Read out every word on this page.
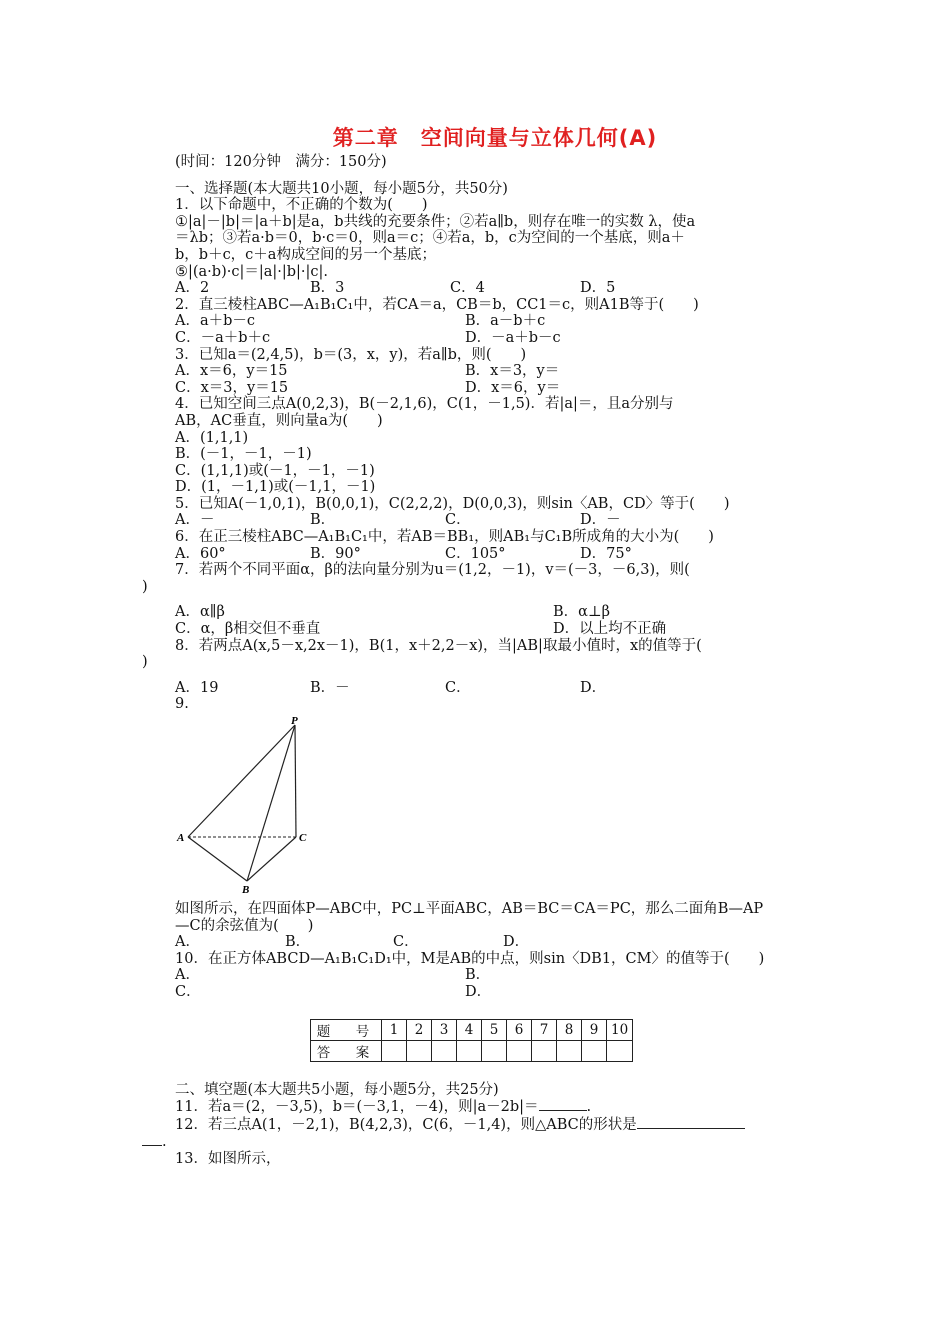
第二章　空间向量与立体几何(A)
(时间：120分钟　满分：150分)
一、选择题(本大题共10小题，每小题5分，共50分)
1．以下命题中，不正确的个数为(　　)
①|a|－|b|＝|a＋b|是a，b共线的充要条件；②若a∥b，则存在唯一的实数 λ，使a
＝λb；③若a·b＝0，b·c＝0，则a＝c；④若a，b，c为空间的一个基底，则a＋
b，b＋c，c＋a构成空间的另一个基底；
⑤|(a·b)·c|＝|a|·|b|·|c|.
A．2	B．3	C．4	D．5
2．直三棱柱ABC—A₁B₁C₁中，若CA＝a，CB＝b，CC1＝c，则A1B等于(　　)
A．a＋b－c	B．a－b＋c
C．－a＋b＋c	D．－a＋b－c
3．已知a＝(2,4,5)，b＝(3，x，y)，若a∥b，则(　　)
A．x＝6，y＝15	B．x＝3，y＝
C．x＝3，y＝15	D．x＝6，y＝
4．已知空间三点A(0,2,3)，B(－2,1,6)，C(1，－1,5)．若|a|＝，且a分别与
AB，AC垂直，则向量a为(　　)
A．(1,1,1)
B．(－1，－1，－1)
C．(1,1,1)或(－1，－1，－1)
D．(1，－1,1)或(－1,1，－1)
5．已知A(－1,0,1)，B(0,0,1)，C(2,2,2)，D(0,0,3)，则sin〈AB，CD〉等于(　　)
A．－	B．	C．	D．－
6．在正三棱柱ABC—A₁B₁C₁中，若AB＝BB₁，则AB₁与C₁B所成角的大小为(　　)
A．60°	B．90°	C．105°	D．75°
7．若两个不同平面α，β的法向量分别为u＝(1,2，－1)，v＝(－3，－6,3)，则(
)
A．α∥β	B．α⊥β
C．α，β相交但不垂直	D．以上均不正确
8．若两点A(x,5－x,2x－1)，B(1，x＋2,2－x)，当|AB|取最小值时，x的值等于(
)
A．19	B．－	C．	D．
9.
P
A	C
B
如图所示，在四面体P—ABC中，PC⊥平面ABC，AB＝BC＝CA＝PC，那么二面角B—AP
—C的余弦值为(　　)
A．	B．	C．	D．
10．在正方体ABCD—A₁B₁C₁D₁中，M是AB的中点，则sin〈DB1，CM〉的值等于(　　)
A．	B．
C．	D．
题　号	1	2	3	4	5	6	7	8	9	10
答　案										
二、填空题(本大题共5小题，每小题5分，共25分)
11．若a＝(2，－3,5)，b＝(－3,1，－4)，则|a－2b|＝	.
12．若三点A(1，－2,1)，B(4,2,3)，C(6，－1,4)，则△ABC的形状是
.
13．如图所示，
